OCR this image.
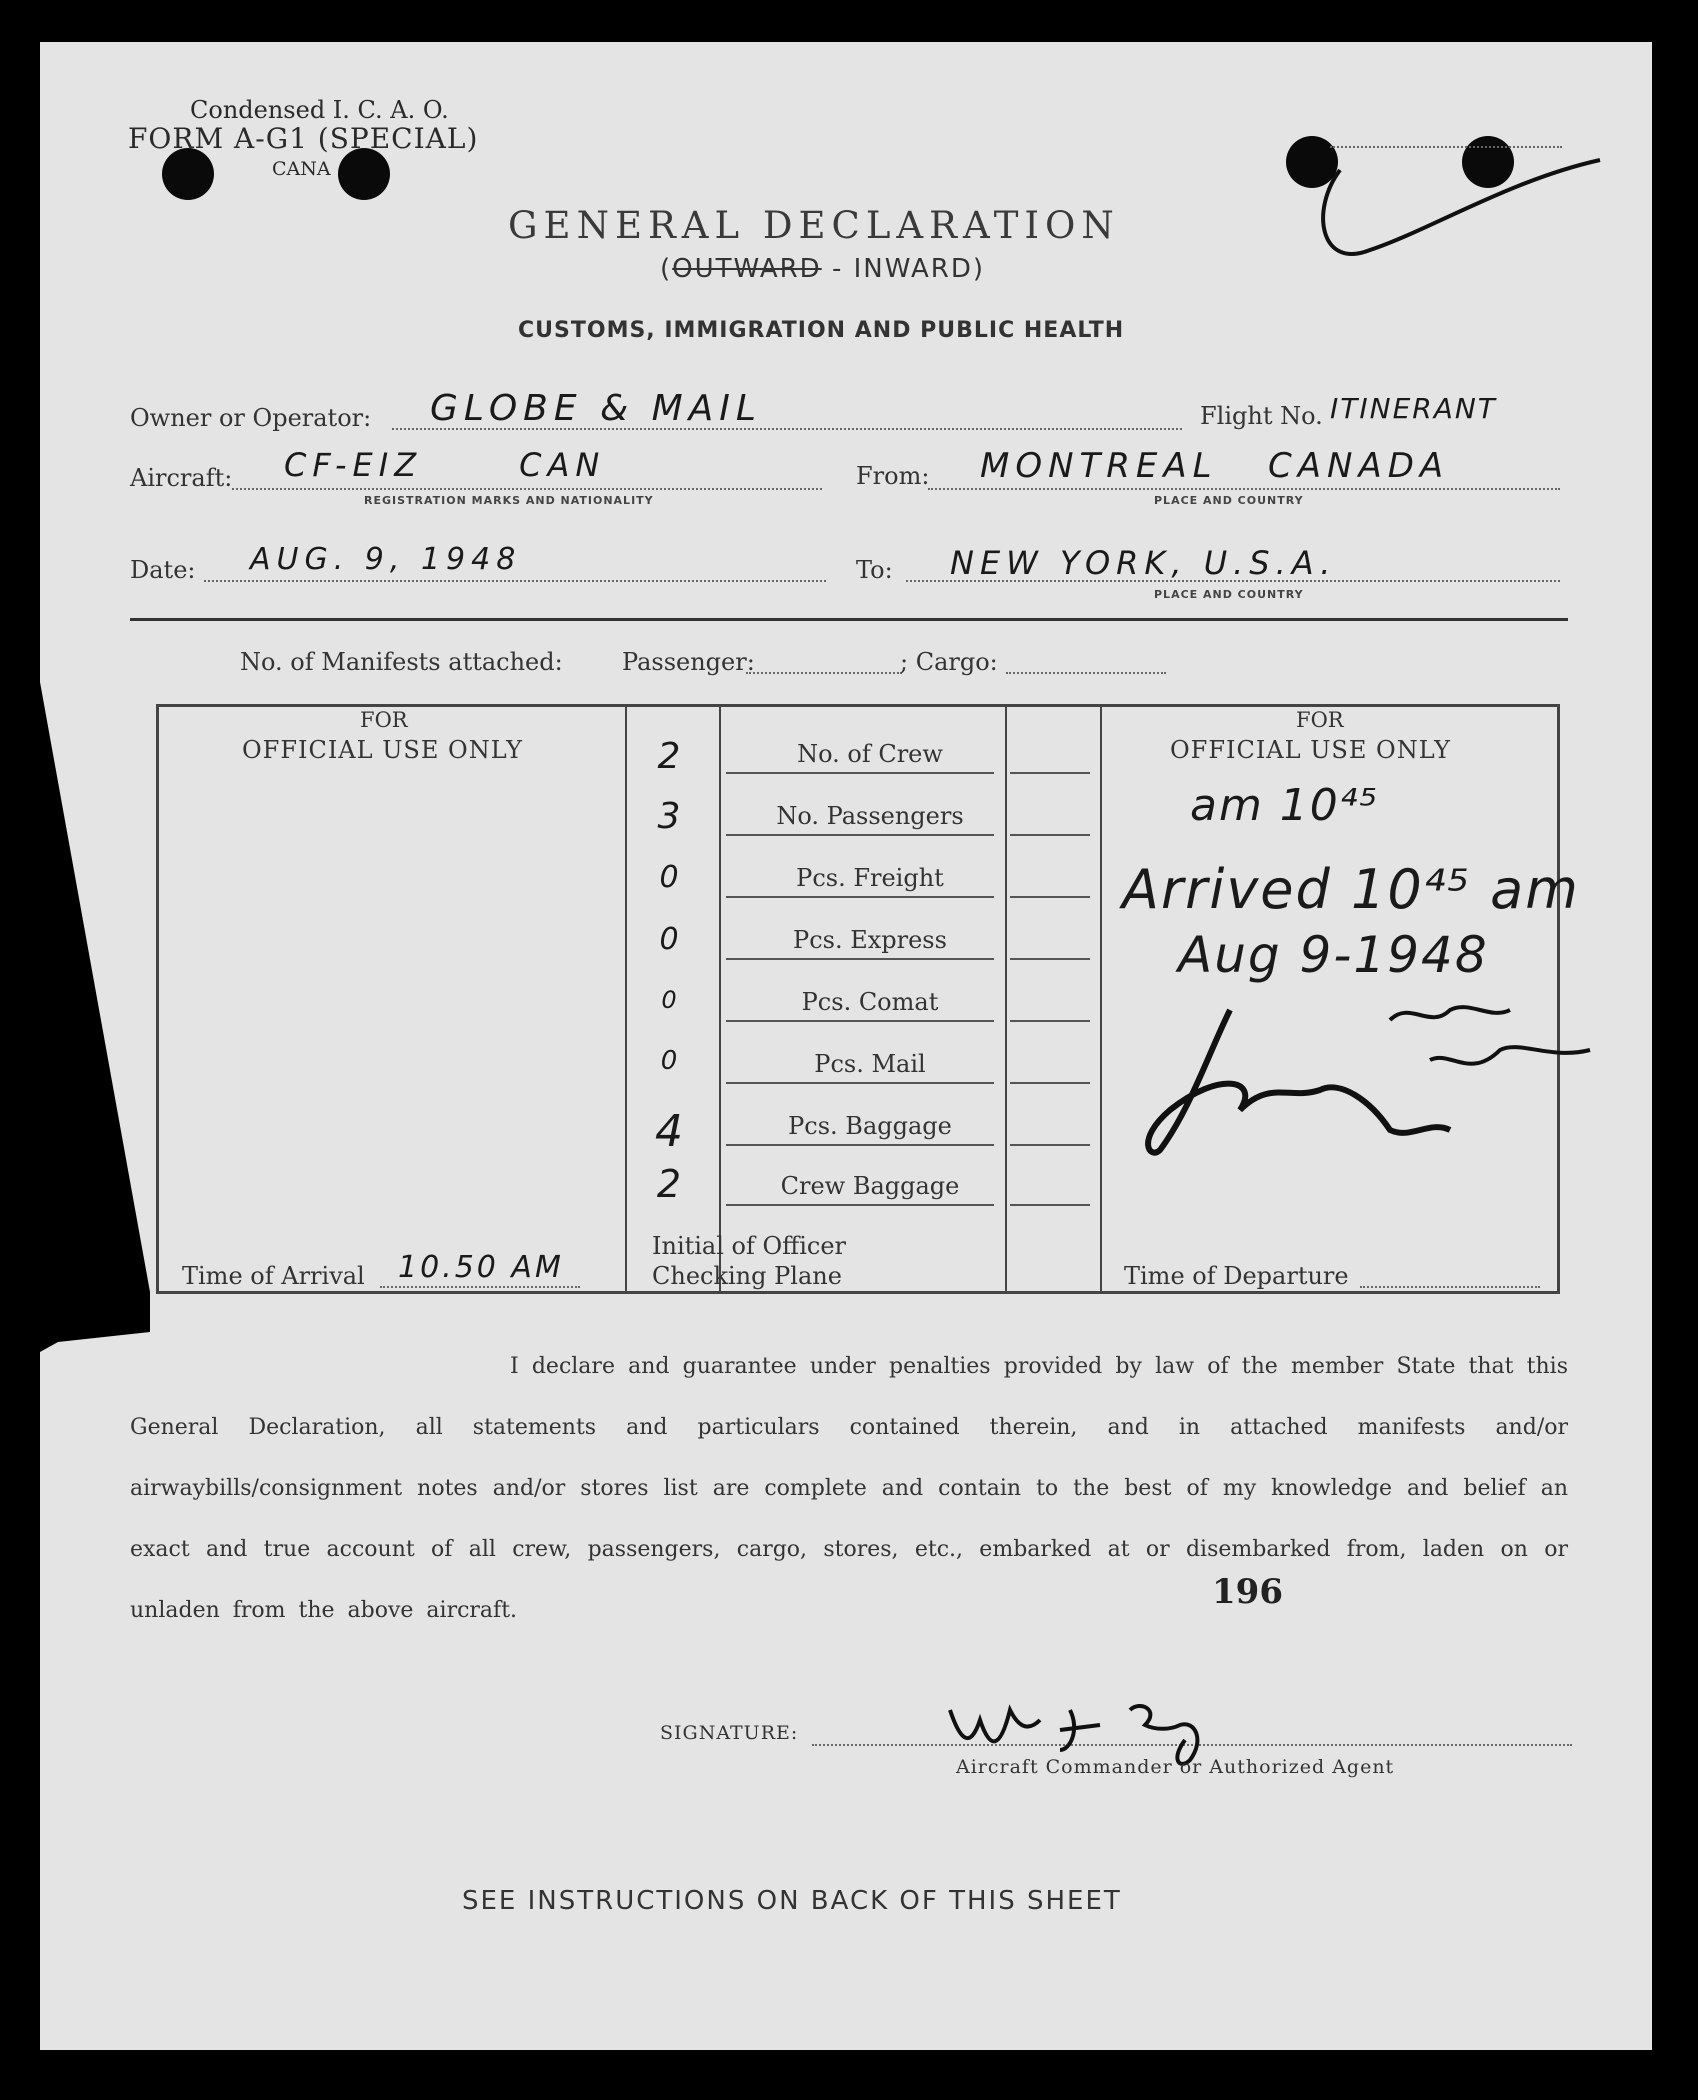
Condensed I. C. A. O.
FORM A-G1 (SPECIAL)
CANA
GENERAL DECLARATION
(OUTWARD - INWARD)
CUSTOMS, IMMIGRATION AND PUBLIC HEALTH
Owner or Operator: GLOBE & MAIL	Flight No. ITINERANT
Aircraft: CF-EIZ      CAN
REGISTRATION MARKS AND NATIONALITY
From: MONTREAL   CANADA
PLACE AND COUNTRY
Date: AUG. 9, 1948	To: NEW YORK, U.S.A.
PLACE AND COUNTRY
No. of Manifests attached: Passenger:	; Cargo:
FOR
OFFICIAL USE ONLY
FOR
OFFICIAL USE ONLY
2	No. of Crew
3	No. Passengers
0	Pcs. Freight
0	Pcs. Express
0	Pcs. Comat
0	Pcs. Mail
4	Pcs. Baggage
2	Crew Baggage
Initial of Officer
Checking Plane
Time of Arrival 10.50 AM	Time of Departure
am 10⁴⁵
Arrived 10⁴⁵ am
Aug 9-1948
I declare and guarantee under penalties provided by law of the member State that this General Declaration, all statements and particulars contained therein, and in attached manifests and/or airwaybills/consignment notes and/or stores list are complete and contain to the best of my knowledge and belief an exact and true account of all crew, passengers, cargo, stores, etc., embarked at or disembarked from, laden on or unladen from the above aircraft.	196
SIGNATURE:
Aircraft Commander or Authorized Agent
SEE INSTRUCTIONS ON BACK OF THIS SHEET
